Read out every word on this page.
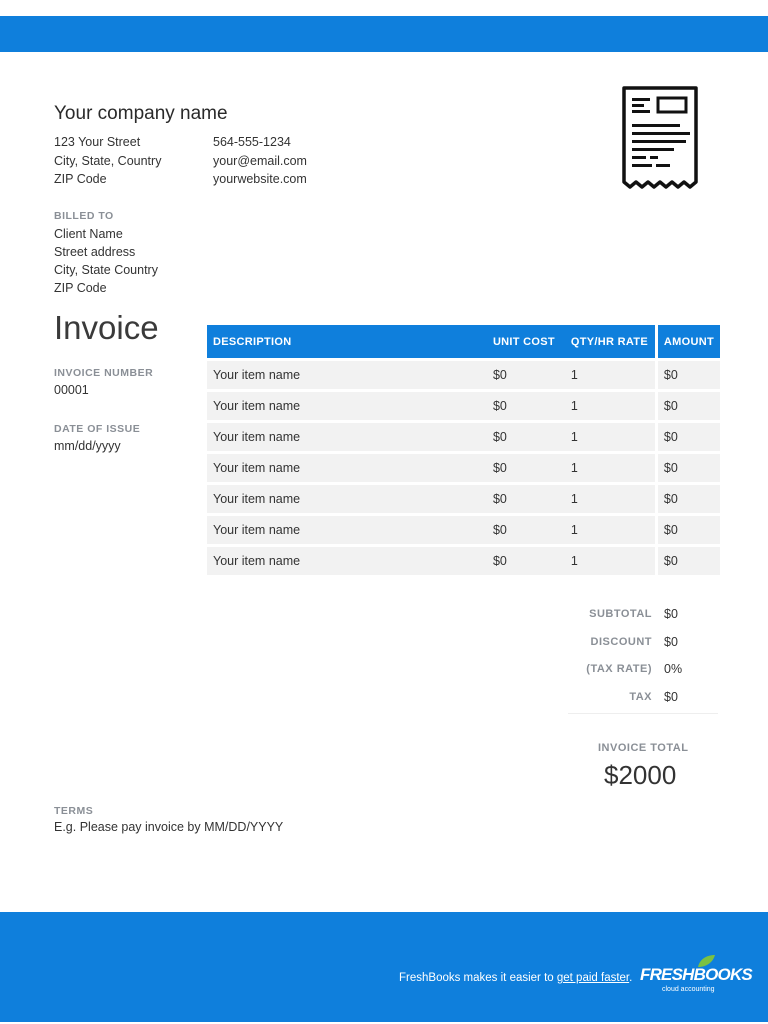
Your company name
123 Your Street
City, State, Country
ZIP Code
564-555-1234
your@email.com
yourwebsite.com
BILLED TO
Client Name
Street address
City, State Country
ZIP Code
Invoice
INVOICE NUMBER
00001
DATE OF ISSUE
mm/dd/yyyy
DESCRIPTION	UNIT COST	QTY/HR RATE	AMOUNT
Your item name	$0	1	$0
Your item name	$0	1	$0
Your item name	$0	1	$0
Your item name	$0	1	$0
Your item name	$0	1	$0
Your item name	$0	1	$0
Your item name	$0	1	$0
SUBTOTAL $0
DISCOUNT $0
(TAX RATE) 0%
TAX $0
INVOICE TOTAL
$2000
TERMS
E.g. Please pay invoice by MM/DD/YYYY
FreshBooks makes it easier to get paid faster. FRESHBOOKS
cloud accounting
